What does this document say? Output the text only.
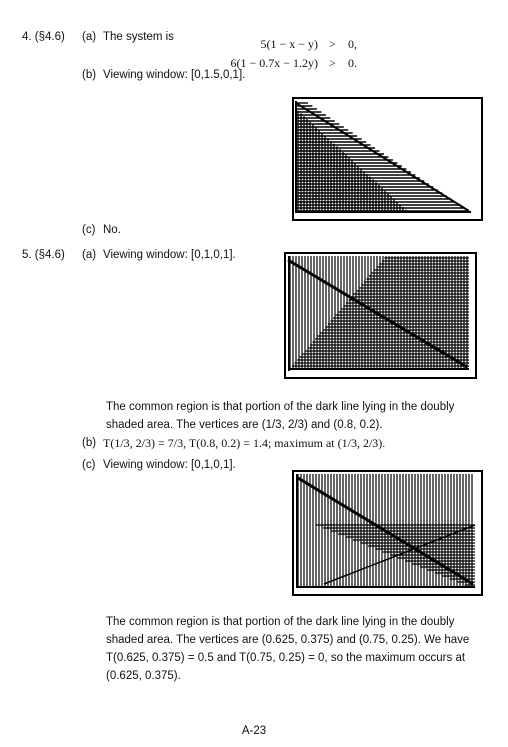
4. (§4.6) (a) The system is	5(1 − x − y) > 0,
6(1 − 0.7x − 1.2y) > 0.
(b) Viewing window: [0,1.5,0,1].
(c) No.
5. (§4.6) (a) Viewing window: [0,1,0,1].
The common region is that portion of the dark line lying in the doubly
shaded area. The vertices are (1/3, 2/3) and (0.8, 0.2).
(b) T(1/3, 2/3) = 7/3, T(0.8, 0.2) = 1.4; maximum at (1/3, 2/3).
(c) Viewing window: [0,1,0,1].
The common region is that portion of the dark line lying in the doubly
shaded area. The vertices are (0.625, 0.375) and (0.75, 0.25). We have
T(0.625, 0.375) = 0.5 and T(0.75, 0.25) = 0, so the maximum occurs at
(0.625, 0.375).
A-23
